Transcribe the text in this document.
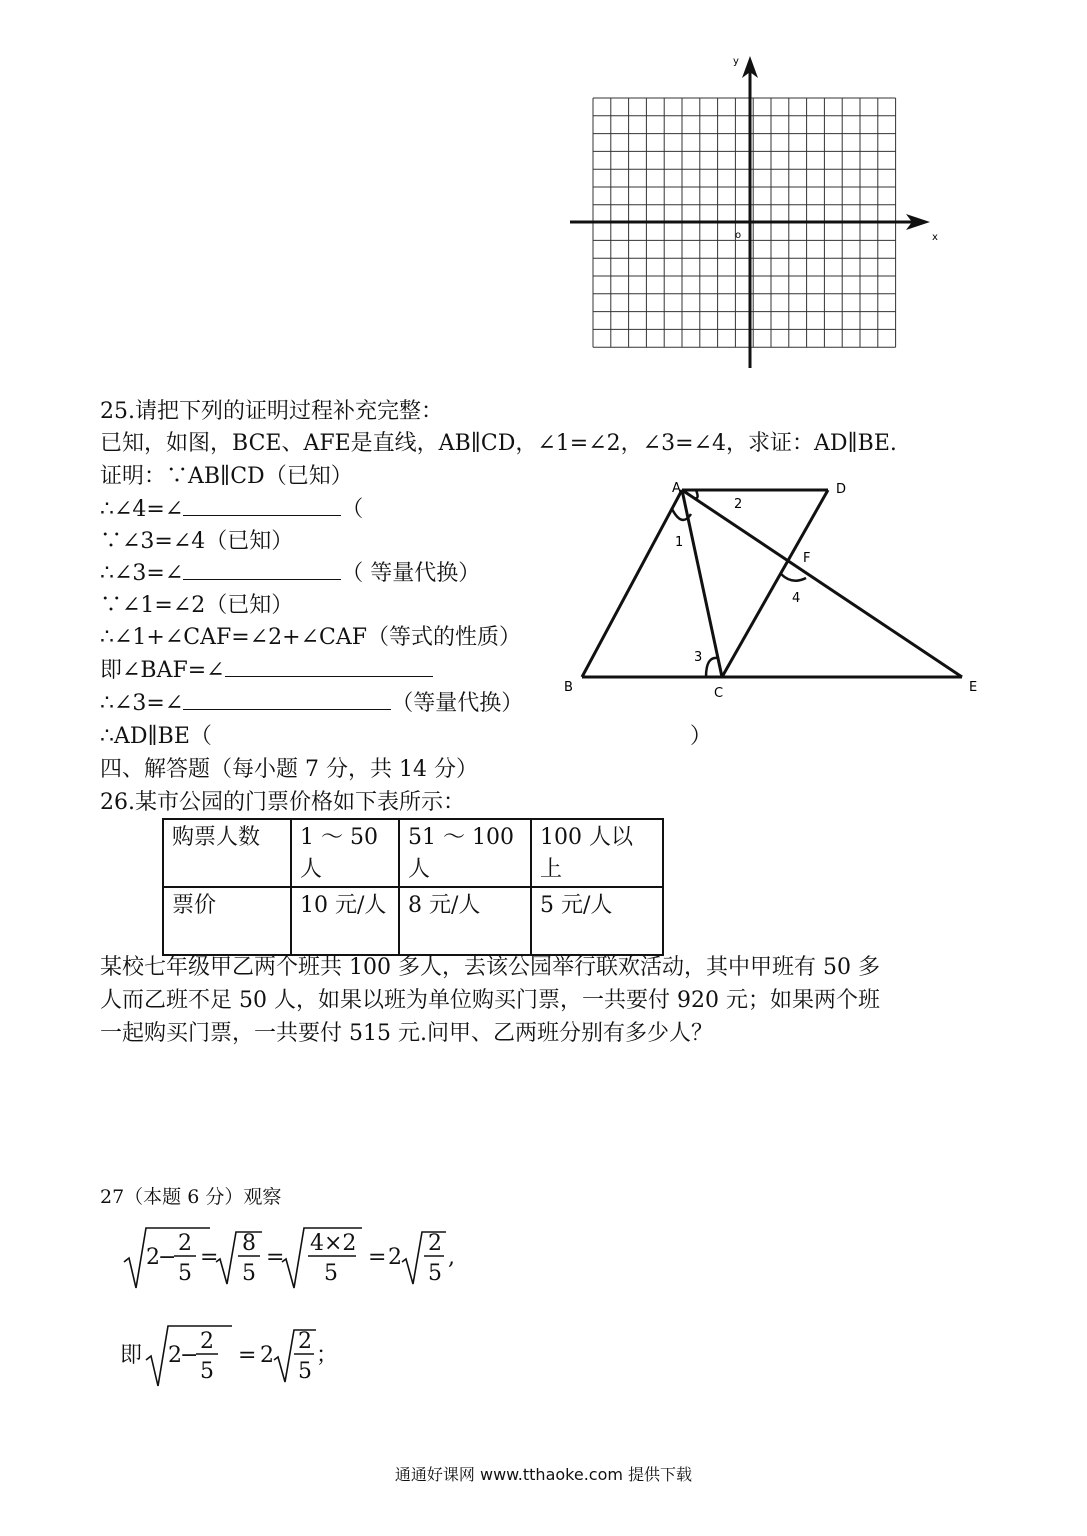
x
y
o
25.请把下列的证明过程补充完整：
已知，如图，BCE、AFE是直线，AB∥CD，∠1=∠2，∠3=∠4，求证：AD∥BE.
证明：∵AB∥CD（已知）
∴∠4=∠	（
∵∠3=∠4（已知）
∴∠3=∠	（ 等量代换）
∵∠1=∠2（已知）
∴∠1+∠CAF=∠2+∠CAF（等式的性质）
即∠BAF=∠
∴∠3=∠	（等量代换）
∴AD∥BE（	）
A	D
F
B	C	E
1
2
3
4
四、解答题（每小题 7 分，共 14 分）
26.某市公园的门票价格如下表所示：
购票人数	1 ～ 50 人	51 ～ 100 人	100 人以上
票价	10 元/人	8 元/人	5 元/人
某校七年级甲乙两个班共 100 多人，去该公园举行联欢活动，其中甲班有 50 多
人而乙班不足 50 人，如果以班为单位购买门票，一共要付 920 元；如果两个班
一起购买门票，一共要付 515 元.问甲、乙两班分别有多少人？
27（本题 6 分）观察
2
−
2
5
=
8
5
=
4×2
5
= 2
2
5
,
即 2
−
2
5
= 2
2
5
；
通通好课网 www.tthaoke.com 提供下载
